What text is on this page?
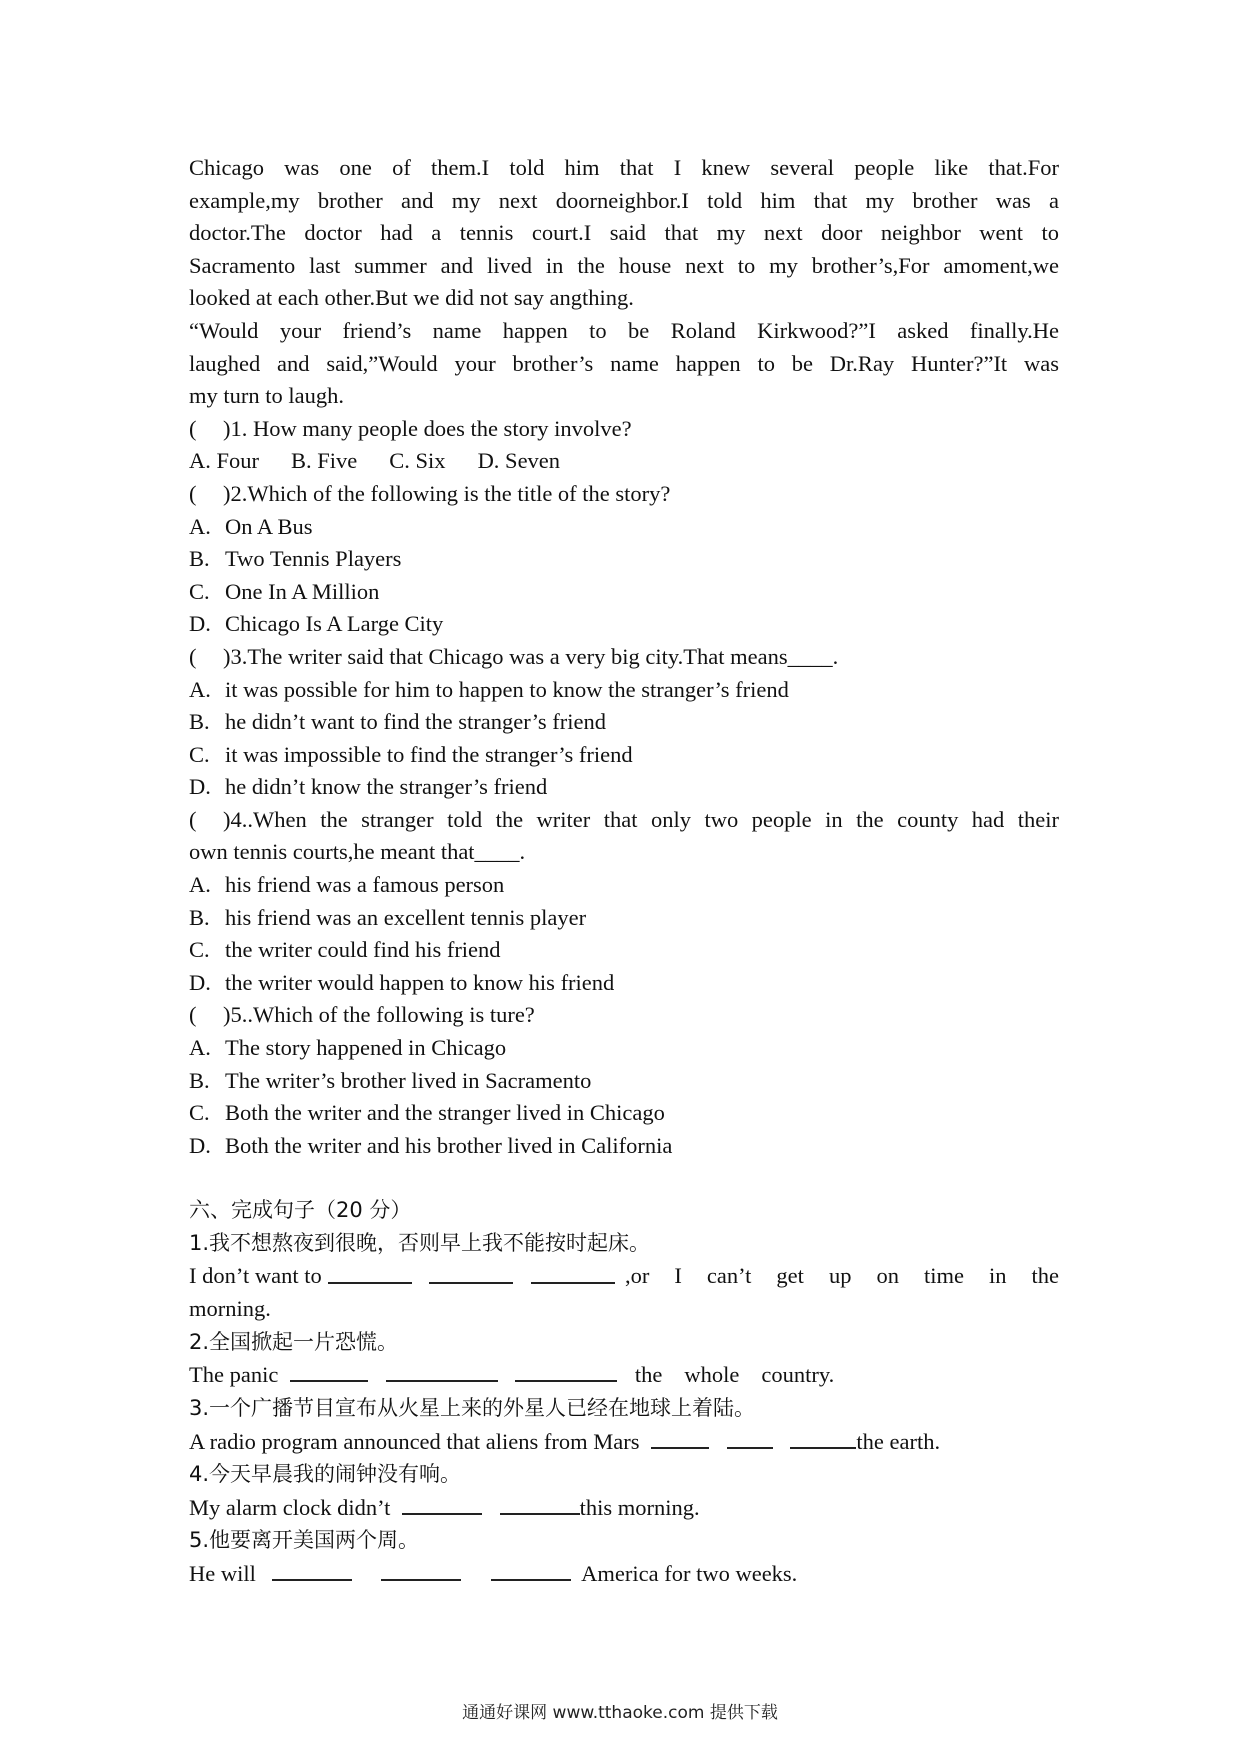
Chicago was one of them.I told him that I knew several people like that.For
example,my brother and my next doorneighbor.I told him that my brother was a
doctor.The doctor had a tennis court.I said that my next door neighbor went to
Sacramento last summer and lived in the house next to my brother’s,For amoment,we
looked at each other.But we did not say angthing.
“Would your friend’s name happen to be Roland Kirkwood?”I asked finally.He
laughed and said,”Would your brother’s name happen to be Dr.Ray Hunter?”It was
my turn to laugh.
( )1. How many people does the story involve?
A. Four B. Five C. Six D. Seven
( )2.Which of the following is the title of the story?
A. On A Bus
B. Two Tennis Players
C. One In A Million
D. Chicago Is A Large City
( )3.The writer said that Chicago was a very big city.That means____.
A. it was possible for him to happen to know the stranger’s friend
B. he didn’t want to find the stranger’s friend
C. it was impossible to find the stranger’s friend
D. he didn’t know the stranger’s friend
( )4..When the stranger told the writer that only two people in the county had their
own tennis courts,he meant that____.
A. his friend was a famous person
B. his friend was an excellent tennis player
C. the writer could find his friend
D. the writer would happen to know his friend
( )5..Which of the following is ture?
A. The story happened in Chicago
B. The writer’s brother lived in Sacramento
C. Both the writer and the stranger lived in Chicago
D. Both the writer and his brother lived in California
六、完成句子（20 分）
1.我不想熬夜到很晚，否则早上我不能按时起床。
I don’t want to
	,or I can’t get up on time in the
morning.
2.全国掀起一片恐慌。
The panic	the whole country.
3.一个广播节目宣布从火星上来的外星人已经在地球上着陆。
A radio program announced that aliens from Mars	the earth.
4.今天早晨我的闹钟没有响。
My alarm clock didn’t	this morning.
5.他要离开美国两个周。
He will	America for two weeks.
通通好课网 www.tthaoke.com 提供下载
